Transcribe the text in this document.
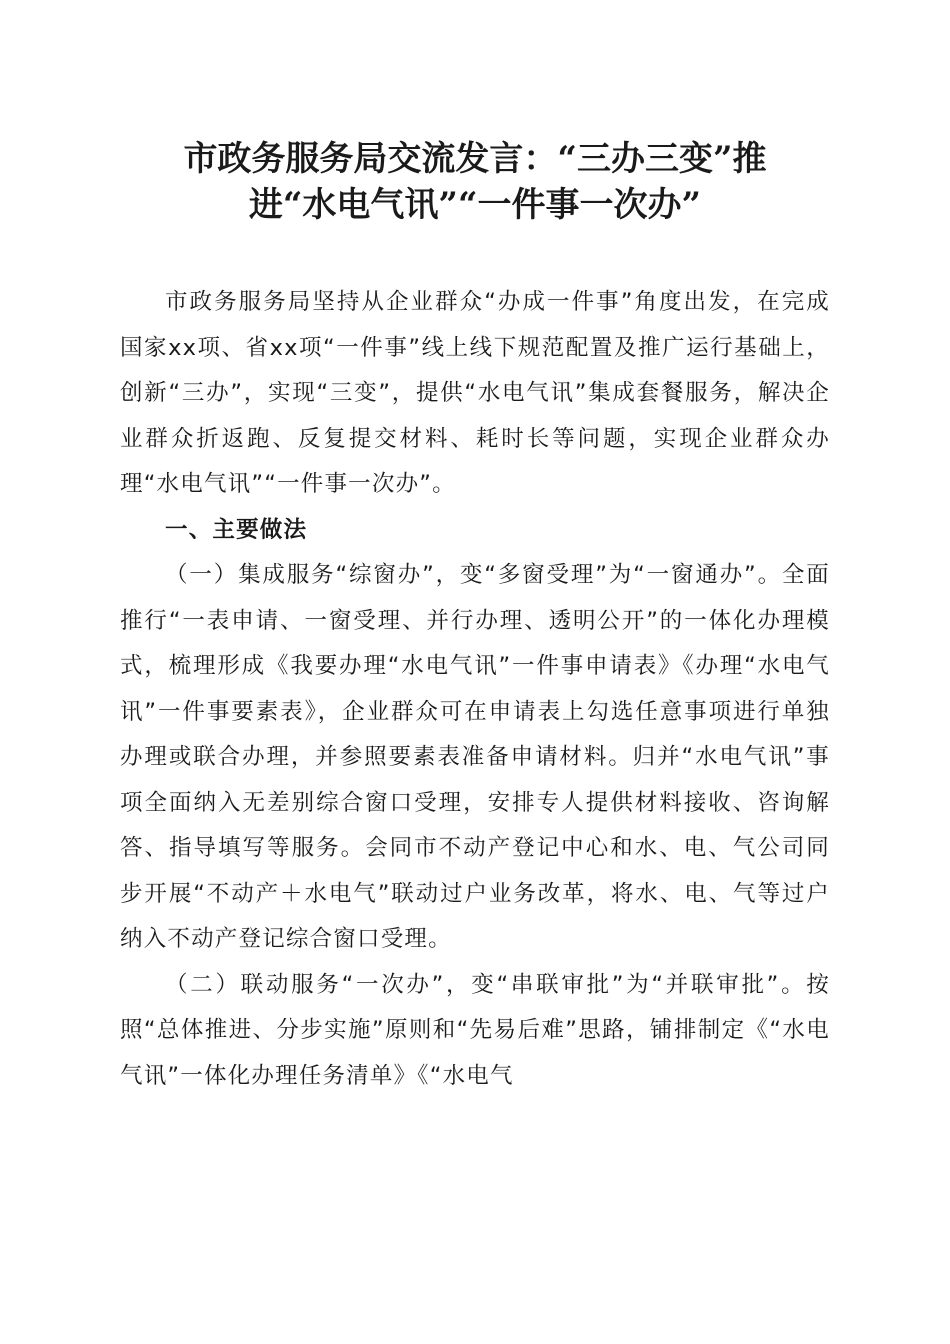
市政务服务局交流发言：“三办三变”推
进“水电气讯”“一件事一次办”

市政务服务局坚持从企业群众“办成一件事”角度出发，在完成国家xx项、省xx项“一件事”线上线下规范配置及推广运行基础上，创新“三办”，实现“三变”，提供“水电气讯”集成套餐服务，解决企业群众折返跑、反复提交材料、耗时长等问题，实现企业群众办理“水电气讯”“一件事一次办”。

一、主要做法

（一）集成服务“综窗办”，变“多窗受理”为“一窗通办”。全面推行“一表申请、一窗受理、并行办理、透明公开”的一体化办理模式，梳理形成《我要办理“水电气讯”一件事申请表》《办理“水电气讯”一件事要素表》，企业群众可在申请表上勾选任意事项进行单独办理或联合办理，并参照要素表准备申请材料。归并“水电气讯”事项全面纳入无差别综合窗口受理，安排专人提供材料接收、咨询解答、指导填写等服务。会同市不动产登记中心和水、电、气公司同步开展“不动产＋水电气”联动过户业务改革，将水、电、气等过户纳入不动产登记综合窗口受理。

（二）联动服务“一次办”，变“串联审批”为“并联审批”。按照“总体推进、分步实施”原则和“先易后难”思路，铺排制定《“水电气讯”一体化办理任务清单》《“水电气
